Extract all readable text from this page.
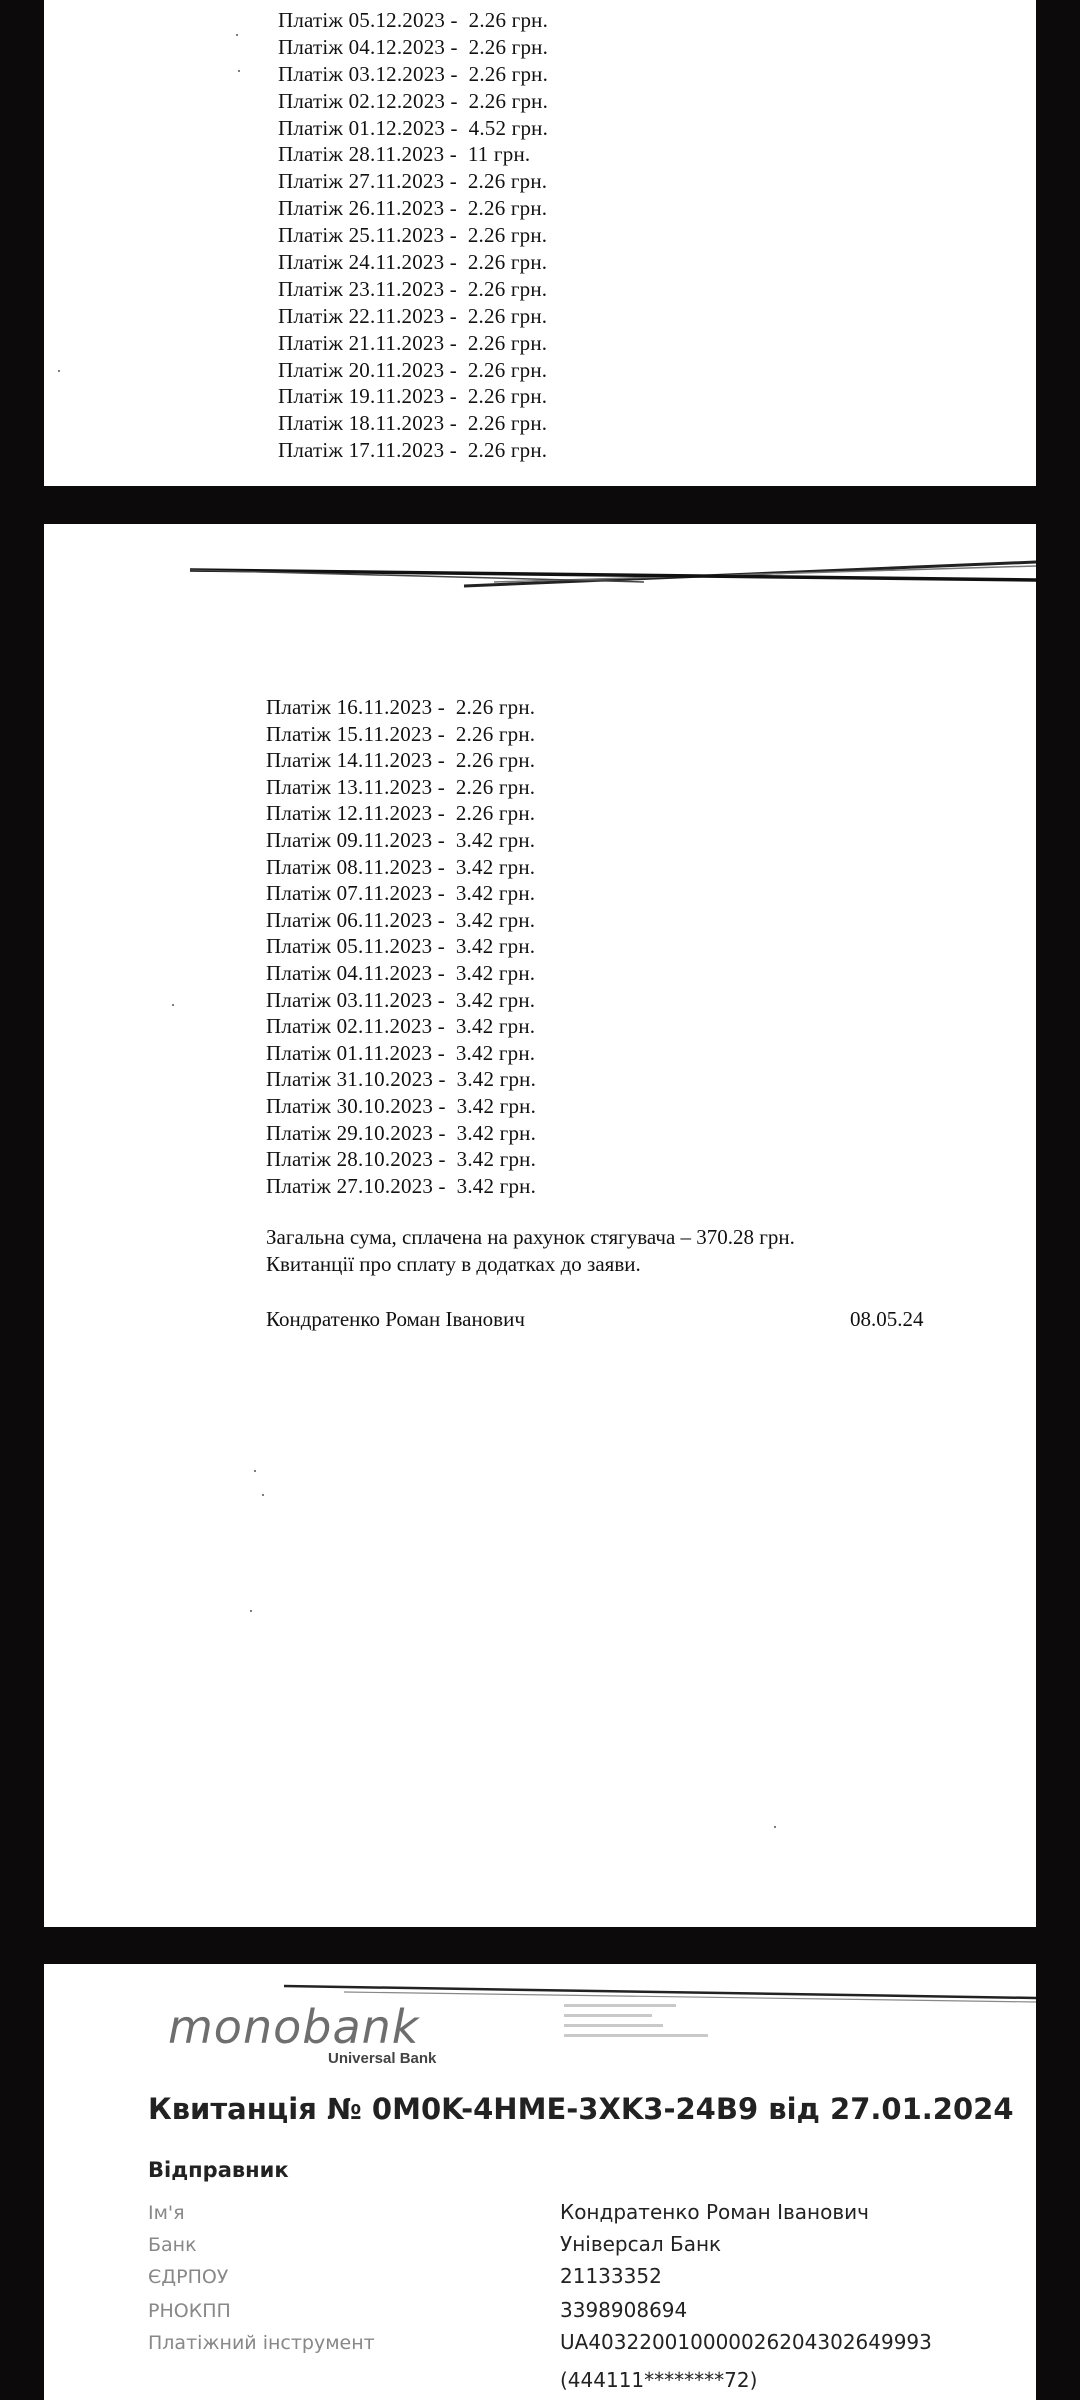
Платіж 05.12.2023 -  2.26 грн.
Платіж 04.12.2023 -  2.26 грн.
Платіж 03.12.2023 -  2.26 грн.
Платіж 02.12.2023 -  2.26 грн.
Платіж 01.12.2023 -  4.52 грн.
Платіж 28.11.2023 -  11 грн.
Платіж 27.11.2023 -  2.26 грн.
Платіж 26.11.2023 -  2.26 грн.
Платіж 25.11.2023 -  2.26 грн.
Платіж 24.11.2023 -  2.26 грн.
Платіж 23.11.2023 -  2.26 грн.
Платіж 22.11.2023 -  2.26 грн.
Платіж 21.11.2023 -  2.26 грн.
Платіж 20.11.2023 -  2.26 грн.
Платіж 19.11.2023 -  2.26 грн.
Платіж 18.11.2023 -  2.26 грн.
Платіж 17.11.2023 -  2.26 грн.
Платіж 16.11.2023 -  2.26 грн.
Платіж 15.11.2023 -  2.26 грн.
Платіж 14.11.2023 -  2.26 грн.
Платіж 13.11.2023 -  2.26 грн.
Платіж 12.11.2023 -  2.26 грн.
Платіж 09.11.2023 -  3.42 грн.
Платіж 08.11.2023 -  3.42 грн.
Платіж 07.11.2023 -  3.42 грн.
Платіж 06.11.2023 -  3.42 грн.
Платіж 05.11.2023 -  3.42 грн.
Платіж 04.11.2023 -  3.42 грн.
Платіж 03.11.2023 -  3.42 грн.
Платіж 02.11.2023 -  3.42 грн.
Платіж 01.11.2023 -  3.42 грн.
Платіж 31.10.2023 -  3.42 грн.
Платіж 30.10.2023 -  3.42 грн.
Платіж 29.10.2023 -  3.42 грн.
Платіж 28.10.2023 -  3.42 грн.
Платіж 27.10.2023 -  3.42 грн.
Загальна сума, сплачена на рахунок стягувача – 370.28 грн.
Квитанції про сплату в додатках до заяви.
Кондратенко Роман Іванович	08.05.24
monobank
Universal Bank
Квитанція № 0M0K-4HME-3XK3-24B9 від 27.01.2024
Відправник
Ім'я	Кондратенко Роман Іванович
Банк	Універсал Банк
ЄДРПОУ	21133352
РНОКПП	3398908694
Платіжний інструмент	UA403220010000026204302649993
(444111********72)
